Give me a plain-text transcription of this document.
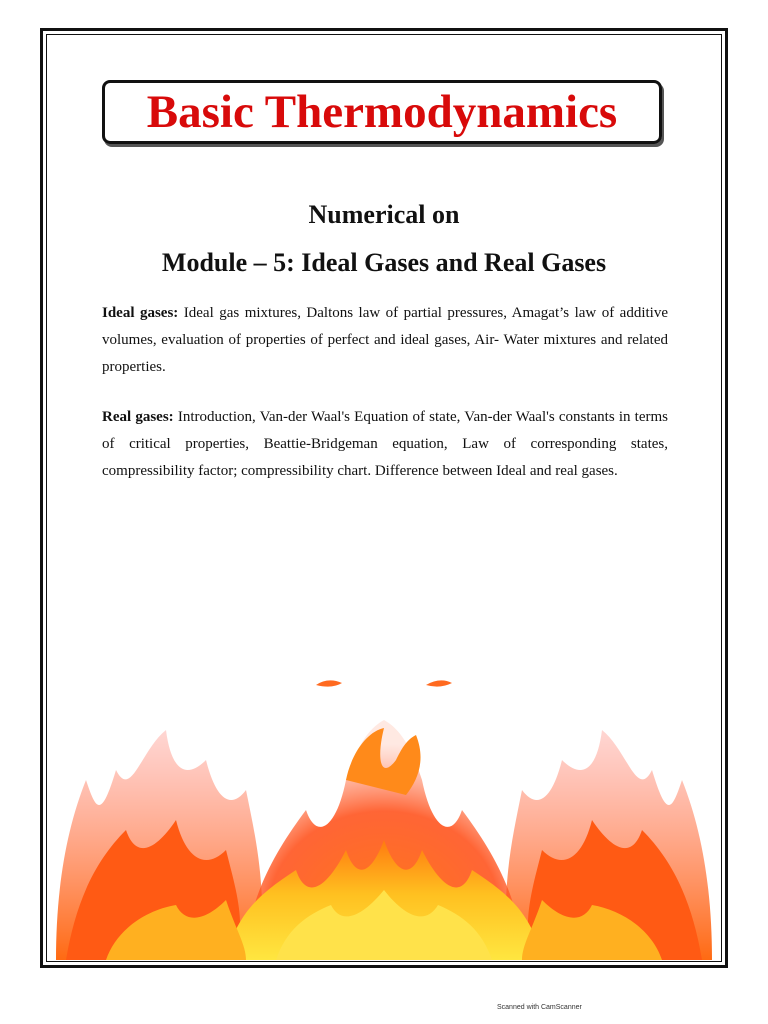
Basic Thermodynamics
Numerical on
Module – 5: Ideal Gases and Real Gases
Ideal gases: Ideal gas mixtures, Daltons law of partial pressures, Amagat’s law of additive volumes, evaluation of properties of perfect and ideal gases, Air- Water mixtures and related properties.
Real gases: Introduction, Van-der Waal's Equation of state, Van-der Waal's constants in terms of critical properties, Beattie-Bridgeman equation, Law of corresponding states, compressibility factor; compressibility chart. Difference between Ideal and real gases.
Scanned with CamScanner
